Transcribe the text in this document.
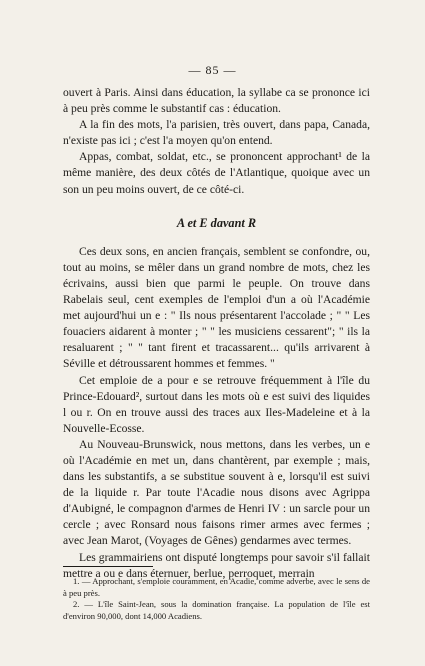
— 85 —

ouvert à Paris. Ainsi dans éducation, la syllabe ca se prononce ici à peu près comme le substantif cas : éducation.

A la fin des mots, l'a parisien, très ouvert, dans papa, Canada, n'existe pas ici ; c'est l'a moyen qu'on entend.

Appas, combat, soldat, etc., se prononcent approchant¹ de la même manière, des deux côtés de l'Atlantique, quoique avec un son un peu moins ouvert, de ce côté-ci.

A et E davant R

Ces deux sons, en ancien français, semblent se confondre, ou, tout au moins, se mêler dans un grand nombre de mots, chez les écrivains, aussi bien que parmi le peuple. On trouve dans Rabelais seul, cent exemples de l'emploi d'un a où l'Académie met aujourd'hui un e : " Ils nous présentarent l'accolade ; " " Les fouaciers aidarent à monter ; " " les musiciens cessarent"; " ils la resaluarent ; " " tant firent et tracassarent... qu'ils arrivarent à Séville et détroussarent hommes et femmes. "

Cet emploie de a pour e se retrouve fréquemment à l'île du Prince-Edouard², surtout dans les mots où e est suivi des liquides l ou r. On en trouve aussi des traces aux Iles-Madeleine et à la Nouvelle-Ecosse.

Au Nouveau-Brunswick, nous mettons, dans les verbes, un e où l'Académie en met un, dans chantèrent, par exemple ; mais, dans les substantifs, a se substitue souvent à e, lorsqu'il est suivi de la liquide r. Par toute l'Acadie nous disons avec Agrippa d'Aubigné, le compagnon d'armes de Henri IV : un sarcle pour un cercle ; avec Ronsard nous faisons rimer armes avec fermes ; avec Jean Marot, (Voyages de Gênes) gendarmes avec termes.

Les grammairiens ont disputé longtemps pour savoir s'il fallait mettre a ou e dans éternuer, berlue, perroquet, merrain

1. — Approchant, s'emploie couramment, en Acadie, comme adverbe, avec le sens de à peu près.

2. — L'île Saint-Jean, sous la domination française. La population de l'île est d'environ 90,000, dont 14,000 Acadiens.
